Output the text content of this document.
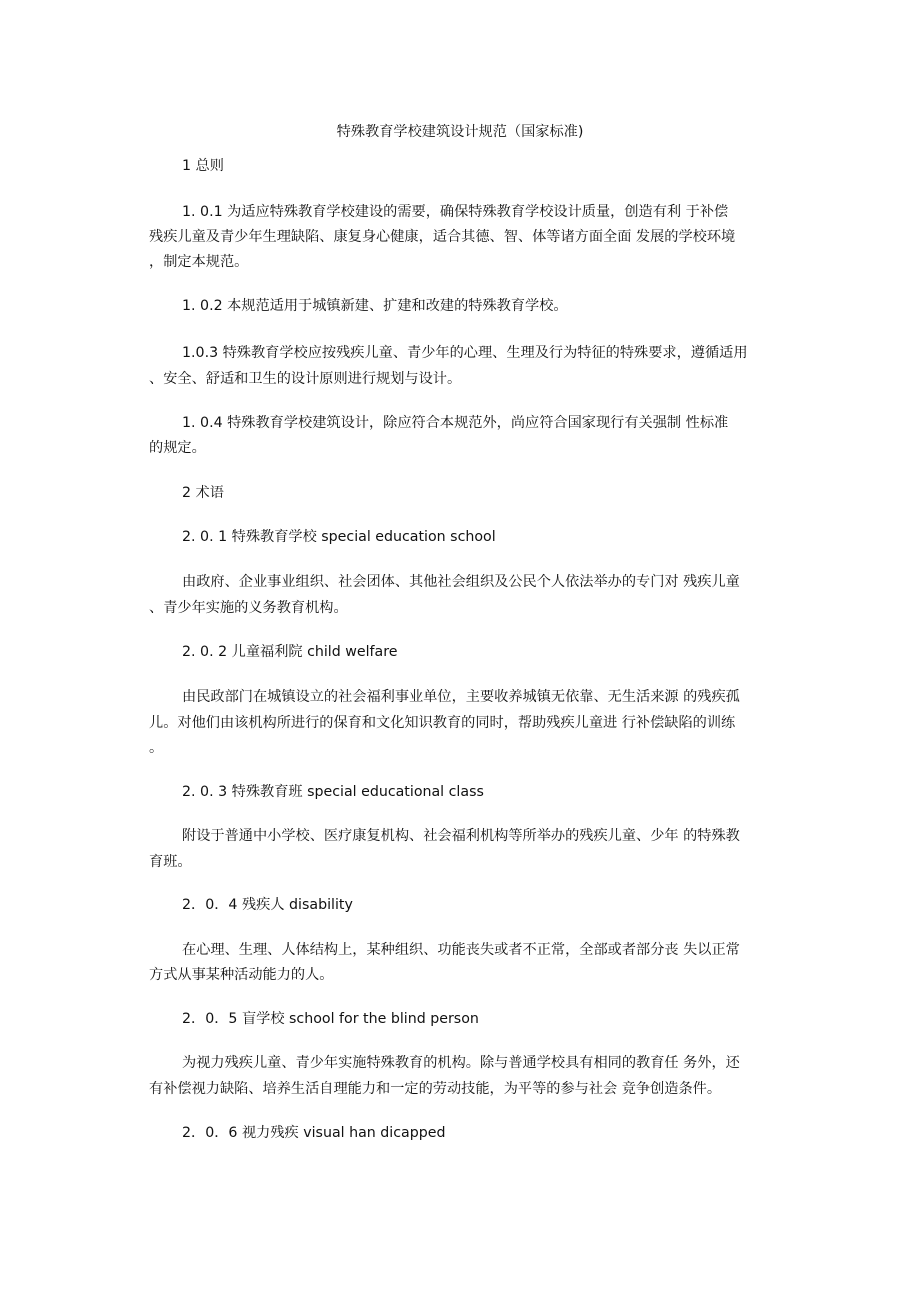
特殊教育学校建筑设计规范（国家标准)
1 总则
1. 0.1 为适应特殊教育学校建设的需要，确保特殊教育学校设计质量，创造有利 于补偿
残疾儿童及青少年生理缺陷、康复身心健康，适合其德、智、体等诸方面全面 发展的学校环境
，制定本规范。
1. 0.2 本规范适用于城镇新建、扩建和改建的特殊教育学校。
1.0.3 特殊教育学校应按残疾儿童、青少年的心理、生理及行为特征的特殊要求，遵循适用
、安全、舒适和卫生的设计原则进行规划与设计。
1. 0.4 特殊教育学校建筑设计，除应符合本规范外，尚应符合国家现行有关强制 性标准
的规定。
2 术语
2. 0. 1 特殊教育学校 special education school
由政府、企业事业组织、社会团体、其他社会组织及公民个人依法举办的专门对 残疾儿童
、青少年实施的义务教育机构。
2. 0. 2 儿童福利院 child welfare
由民政部门在城镇设立的社会福利事业单位，主要收养城镇无依靠、无生活来源 的残疾孤
儿。对他们由该机构所进行的保育和文化知识教育的同时，帮助残疾儿童进 行补偿缺陷的训练
。
2. 0. 3 特殊教育班 special educational class
附设于普通中小学校、医疗康复机构、社会福利机构等所举办的残疾儿童、少年 的特殊教
育班。
2．0．4 残疾人 disability
在心理、生理、人体结构上，某种组织、功能丧失或者不正常，全部或者部分丧 失以正常
方式从事某种活动能力的人。
2．0．5 盲学校 school for the blind person
为视力残疾儿童、青少年实施特殊教育的机构。除与普通学校具有相同的教育任 务外，还
有补偿视力缺陷、培养生活自理能力和一定的劳动技能，为平等的参与社会 竞争创造条件。
2．0．6 视力残疾 visual han dicapped
